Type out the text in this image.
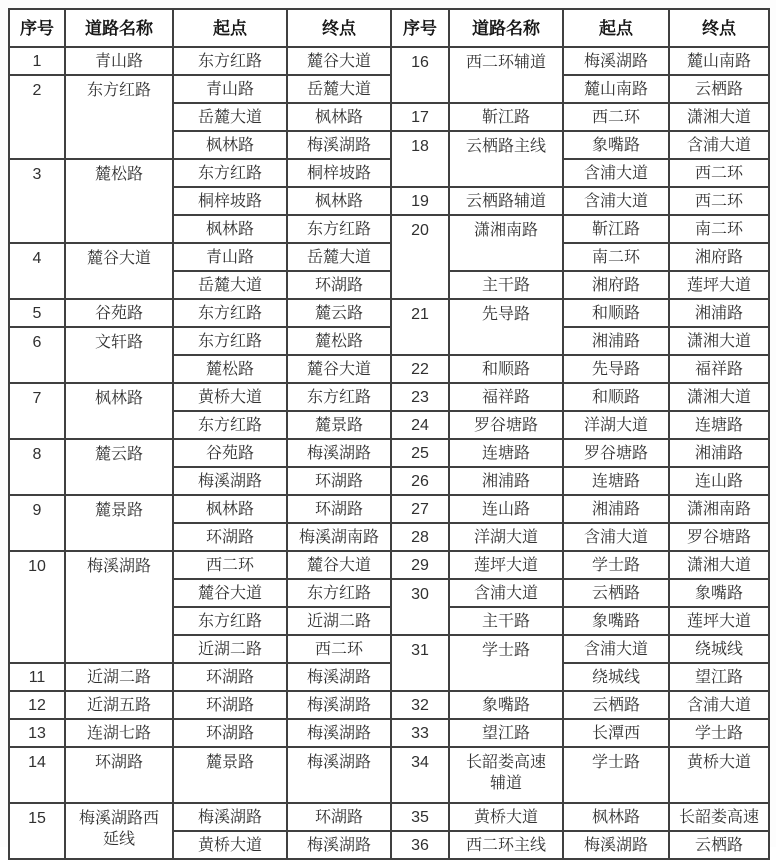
序号	道路名称	起点	终点	序号	道路名称	起点	终点
1	青山路	东方红路	麓谷大道	16	西二环辅道	梅溪湖路	麓山南路
2	东方红路	青山路	岳麓大道			麓山南路	云栖路
		岳麓大道	枫林路	17	靳江路	西二环	潇湘大道
		枫林路	梅溪湖路	18	云栖路主线	象嘴路	含浦大道
3	麓松路	东方红路	桐梓坡路			含浦大道	西二环
		桐梓坡路	枫林路	19	云栖路辅道	含浦大道	西二环
		枫林路	东方红路	20	潇湘南路	靳江路	南二环
4	麓谷大道	青山路	岳麓大道			南二环	湘府路
		岳麓大道	环湖路		主干路	湘府路	莲坪大道
5	谷苑路	东方红路	麓云路	21	先导路	和顺路	湘浦路
6	文轩路	东方红路	麓松路			湘浦路	潇湘大道
		麓松路	麓谷大道	22	和顺路	先导路	福祥路
7	枫林路	黄桥大道	东方红路	23	福祥路	和顺路	潇湘大道
		东方红路	麓景路	24	罗谷塘路	洋湖大道	连塘路
8	麓云路	谷苑路	梅溪湖路	25	连塘路	罗谷塘路	湘浦路
		梅溪湖路	环湖路	26	湘浦路	连塘路	连山路
9	麓景路	枫林路	环湖路	27	连山路	湘浦路	潇湘南路
		环湖路	梅溪湖南路	28	洋湖大道	含浦大道	罗谷塘路
10	梅溪湖路	西二环	麓谷大道	29	莲坪大道	学士路	潇湘大道
		麓谷大道	东方红路	30	含浦大道	云栖路	象嘴路
		东方红路	近湖二路		主干路	象嘴路	莲坪大道
		近湖二路	西二环	31	学士路	含浦大道	绕城线
11	近湖二路	环湖路	梅溪湖路			绕城线	望江路
12	近湖五路	环湖路	梅溪湖路	32	象嘴路	云栖路	含浦大道
13	连湖七路	环湖路	梅溪湖路	33	望江路	长潭西	学士路
14	环湖路	麓景路	梅溪湖路	34	长韶娄高速辅道	学士路	黄桥大道
15	梅溪湖路西延线	梅溪湖路	环湖路	35	黄桥大道	枫林路	长韶娄高速
		黄桥大道	梅溪湖路	36	西二环主线	梅溪湖路	云栖路
